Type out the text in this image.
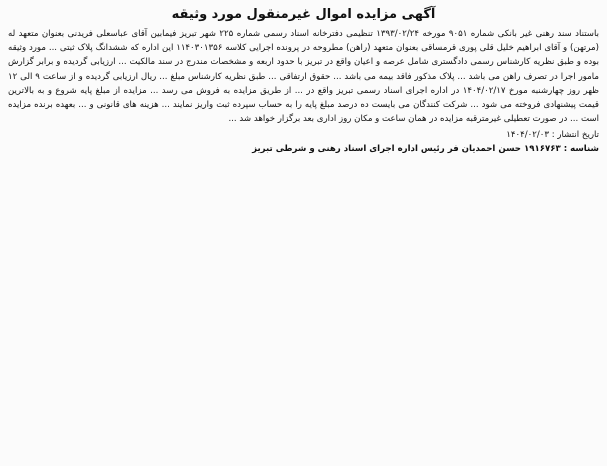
آگهی مزایده اموال غیرمنقول مورد وثیقه

باستناد سند رهنی غیر بانکی شماره ۹۰۵۱ مورخه ۱۳۹۳/۰۲/۲۴ تنظیمی دفترخانه اسناد رسمی شماره ۲۲۵ شهر تبریز فیمابین آقای عباسعلی فریدنی بعنوان متعهد له (مرتهن) و آقای ابراهیم خلیل قلی پوری قرمساقی بعنوان متعهد (راهن) مطروحه در پرونده اجرایی کلاسه ۱۱۴۰۳۰۱۳۵۶ این اداره که ششدانگ پلاک ثبتی ... مورد وثیقه بوده و طبق نظریه کارشناس رسمی دادگستری شامل عرصه و اعیان واقع در تبریز با حدود اربعه و مشخصات مندرج در سند مالکیت ... ارزیابی گردیده و برابر گزارش مامور اجرا در تصرف راهن می باشد ... پلاک مذکور فاقد بیمه می باشد ... حقوق ارتفاقی ... طبق نظریه کارشناس مبلغ ... ریال ارزیابی گردیده و از ساعت ۹ الی ۱۲ ظهر روز چهارشنبه مورخ ۱۴۰۴/۰۲/۱۷ در اداره اجرای اسناد رسمی تبریز واقع در ... از طریق مزایده به فروش می رسد ... مزایده از مبلغ پایه شروع و به بالاترین قیمت پیشنهادی فروخته می شود ... شرکت کنندگان می بایست ده درصد مبلغ پایه را به حساب سپرده ثبت واریز نمایند ... هزینه های قانونی و ... بعهده برنده مزایده است ... در صورت تعطیلی غیرمترقبه مزایده در همان ساعت و مکان روز اداری بعد برگزار خواهد شد ...

تاریخ انتشار : ۱۴۰۴/۰۲/۰۳

شناسه : ۱۹۱۶۷۶۳ حسن احمدیان فر رئیس اداره اجرای اسناد رهنی و شرطی تبریز
